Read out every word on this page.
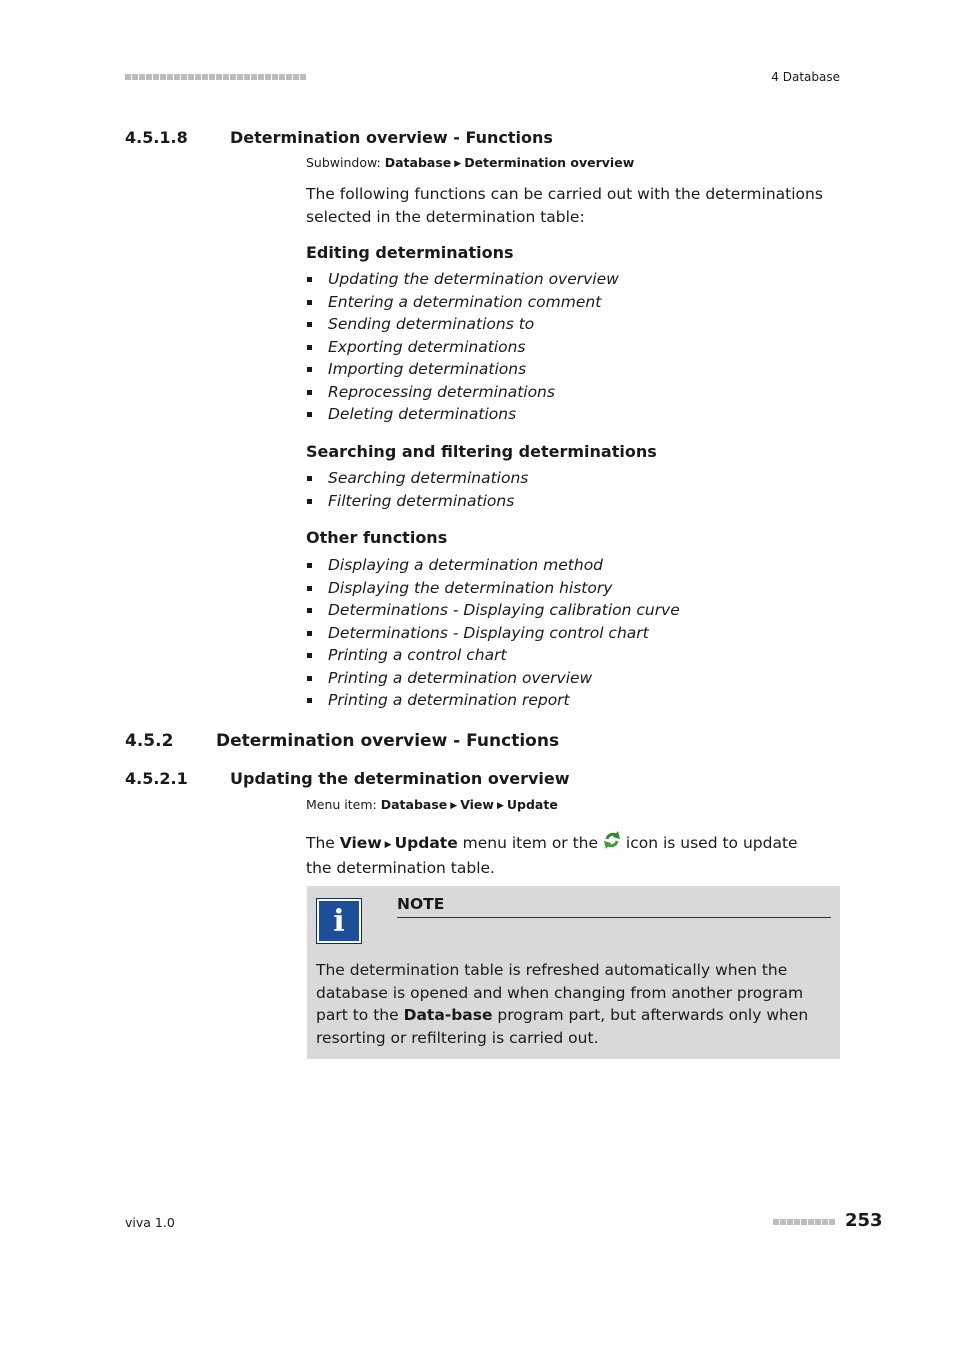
4 Database
4.5.1.8	Determination overview - Functions
Subwindow: Database ▶ Determination overview
The following functions can be carried out with the determinations selected in the determination table:
Editing determinations
Updating the determination overview
Entering a determination comment
Sending determinations to
Exporting determinations
Importing determinations
Reprocessing determinations
Deleting determinations
Searching and filtering determinations
Searching determinations
Filtering determinations
Other functions
Displaying a determination method
Displaying the determination history
Determinations - Displaying calibration curve
Determinations - Displaying control chart
Printing a control chart
Printing a determination overview
Printing a determination report
4.5.2	Determination overview - Functions
4.5.2.1	Updating the determination overview
Menu item: Database ▶ View ▶ Update
The View ▶ Update menu item or the  icon is used to update the determination table.
i	NOTE
The determination table is refreshed automatically when the database is opened and when changing from another program part to the Data-base program part, but afterwards only when resorting or refiltering is carried out.
viva 1.0	253
